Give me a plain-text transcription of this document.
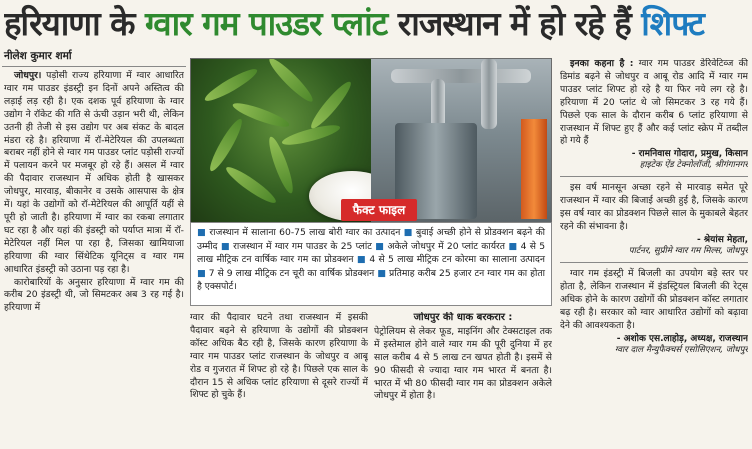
हरियाणा के ग्वार गम पाउडर प्लांट राजस्थान में हो रहे हैं शिफ्ट
नीलेश कुमार शर्मा

जोधपुर। पड़ोसी राज्य हरियाणा में ग्वार आधारित ग्वार गम पाउडर इंडस्ट्री इन दिनों अपने अस्तित्व की लड़ाई लड़ रही है। एक दशक पूर्व हरियाणा के ग्वार उद्योग ने रॉकेट की गति से ऊंची उड़ान भरी थी, लेकिन उतनी ही तेजी से इस उद्योग पर अब संकट के बादल मंडरा रहे है। हरियाणा में रॉ-मेटेरियल की उपलब्धता बराबर नहीं होने से ग्वार गम पाउडर प्लांट पड़ोसी राज्यों में पलायन करने पर मजबूर हो रहे हैं। असल में ग्वार की पैदावार राजस्थान में अधिक होती है खासकर जोधपुर, मारवाड़, बीकानेर व उसके आसपास के क्षेत्र में। यहां के उद्योगों को रॉ-मेटेरियल की आपूर्ति यहीं से पूरी हो जाती है। हरियाणा में ग्वार का रकबा लगातार घट रहा है और यहां की इंडस्ट्री को पर्याप्त मात्रा में रॉ-मेटेरियल नहीं मिल पा रहा है, जिसका खामियाजा हरियाणा की ग्वार सिंथेटिक यूनिट्स व ग्वार गम आधारित इंडस्ट्री को उठाना पड़ रहा है।

कारोबारियों के अनुसार हरियाणा में ग्वार गम की करीब 20 इंडस्ट्री थी, जो सिमटकर अब 3 रह गई है। हरियाणा में

फैक्ट फाइल
■ राजस्थान में सालाना 60-75 लाख बोरी ग्वार का उत्पादन ■ बुवाई अच्छी होने से प्रोडक्शन बढ़ने की उम्मीद ■ राजस्थान में ग्वार गम पाउडर के 25 प्लांट ■ अकेले जोधपुर में 20 प्लांट कार्यरत ■ 4 से 5 लाख मीट्रिक टन वार्षिक ग्वार गम का प्रोडक्शन ■ 4 से 5 लाख मीट्रिक टन कोरमा का सालाना उत्पादन ■ 7 से 9 लाख मीट्रिक टन चूरी का वार्षिक प्रोडक्शन ■ प्रतिमाह करीब 25 हजार टन ग्वार गम का होता है एक्सपोर्ट।

ग्वार की पैदावार घटने तथा राजस्थान में इसकी पैदावार बढ़ने से हरियाणा के उद्योगों की प्रोडक्शन कॉस्ट अधिक बैठ रही है, जिसके कारण हरियाणा के ग्वार गम पाउडर प्लांट राजस्थान के जोधपुर व आबू रोड व गुजरात में शिफ्ट हो रहे है। पिछले एक साल के दौरान 15 से अधिक प्लांट हरियाणा से दूसरे राज्यों में शिफ्ट हो चुके हैं।

जोधपुर की धाक बरकरार :

पेट्रोलियम से लेकर फूड, माइनिंग और टेक्सटाइल तक में इस्तेमाल होने वाले ग्वार गम की पूरी दुनिया में हर साल करीब 4 से 5 लाख टन खपत होती है। इसमें से 90 फीसदी से ज्यादा ग्वार गम भारत में बनता है। भारत में भी 80 फीसदी ग्वार गम का प्रोडक्शन अकेले जोधपुर में होता है।

इनका कहना है : ग्वार गम पाउडर डेरिवेटिव्ज की डिमांड बढ़ने से जोधपुर व आबू रोड आदि में ग्वार गम पाउडर प्लांट शिफ्ट हो रहे है या फिर नये लग रहे है। हरियाणा में 20 प्लांट थे जो सिमटकर 3 रह गये हैं। पिछले एक साल के दौरान करीब 6 प्लांट हरियाणा से राजस्थान में शिफ्ट हुए हैं और कई प्लांट स्क्रेप में तब्दील हो गये हैं

- रामनिवास गोदारा, प्रमुख, किसान

हाइटेक ऐंड टेक्नोलॉजी, श्रीगंगानगर

इस वर्ष मानसून अच्छा रहने से मारवाड़ समेत पूरे राजस्थान में ग्वार की बिजाई अच्छी हुई है, जिसके कारण इस वर्ष ग्वार का प्रोडक्शन पिछले साल के मुकाबले बेहतर रहने की संभावना है।

- श्रेयांस मेहता,

पार्टनर, सुप्रीमे ग्वार गम मिल्स, जोधपुर

ग्वार गम इंडस्ट्री में बिजली का उपयोग बड़े स्तर पर होता है, लेकिन राजस्थान में इंडस्ट्रियल बिजली की रेट्स अधिक होने के कारण उद्योगों की प्रोडक्शन कॉस्ट लगातार बढ़ रही है। सरकार को ग्वार आधारित उद्योगों को बढ़ावा देने की आवश्यकता है।

- अशोक एस.लाहोड़, अध्यक्ष, राजस्थान

ग्वार दाल मैन्युफैक्चर्स एसोसिएशन, जोधपुर
